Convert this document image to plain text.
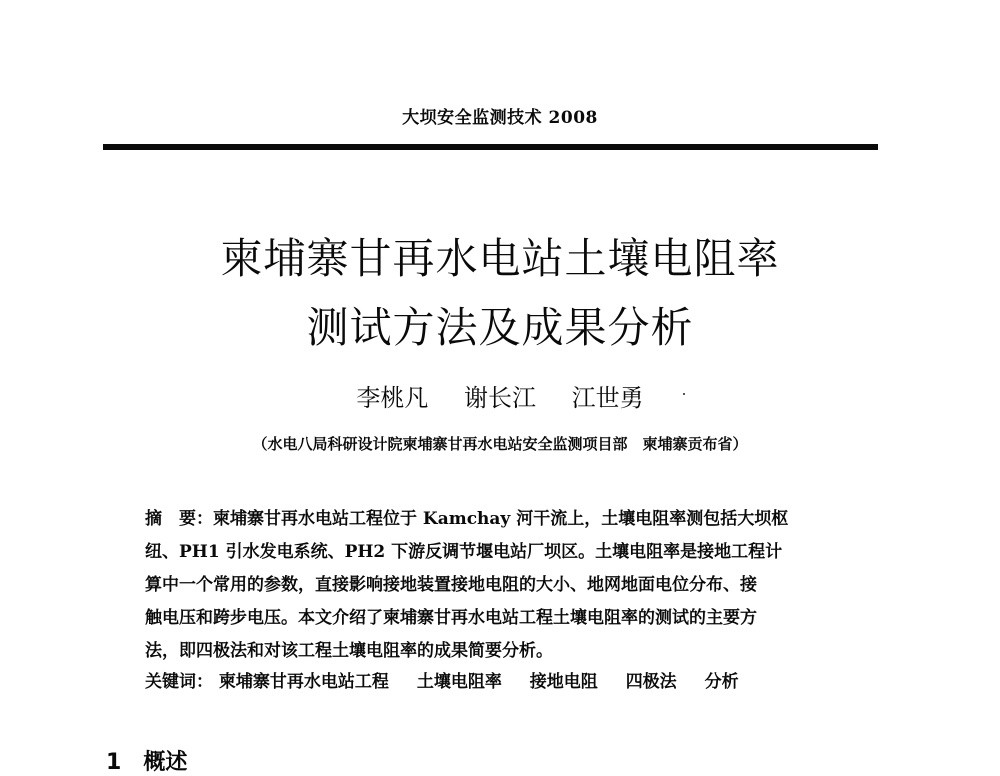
大坝安全监测技术 2008
柬埔寨甘再水电站土壤电阻率
测试方法及成果分析
李桃凡 谢长江 江世勇
（水电八局科研设计院柬埔寨甘再水电站安全监测项目部　柬埔寨贡布省）
摘　要：柬埔寨甘再水电站工程位于 Kamchay 河干流上，土壤电阻率测包括大坝枢
纽、PH1 引水发电系统、PH2 下游反调节堰电站厂坝区。土壤电阻率是接地工程计
算中一个常用的参数，直接影响接地装置接地电阻的大小、地网地面电位分布、接
触电压和跨步电压。本文介绍了柬埔寨甘再水电站工程土壤电阻率的测试的主要方
法，即四极法和对该工程土壤电阻率的成果简要分析。
关键词： 柬埔寨甘再水电站工程 土壤电阻率 接地电阻 四极法 分析
1 概述
